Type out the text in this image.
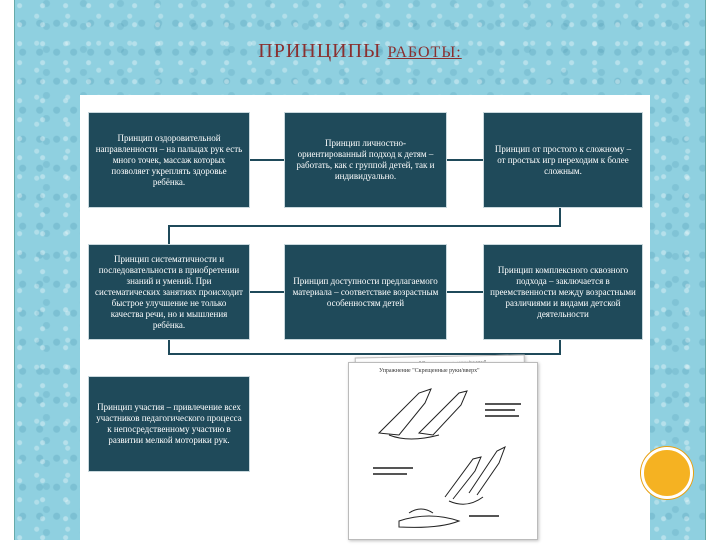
ПРИНЦИПЫ РАБОТЫ:
Принцип оздоровительной направленности – на пальцах рук есть много точек, массаж которых позволяет укреплять здоровье ребёнка.
Принцип личностно-ориентированный подход к детям – работать, как с группой детей, так и индивидуально.
Принцип от простого к сложному – от простых игр переходим к более сложным.
Принцип систематичности и последовательности в приобретении знаний и умений. При систематических занятиях происходит быстрое улучшение не только качества речи, но и мышления ребёнка.
Принцип доступности предлагаемого материала – соответствие возрастным особенностям детей
Принцип комплексного сквозного подхода – заключается в преемственности между возрастными различиями и видами детской деятельности
Принцип участия – привлечение всех участников педагогического процесса к непосредственному участию в развитии мелкой моторики рук.
Упражнение "Скрещенные руки/вверх"
